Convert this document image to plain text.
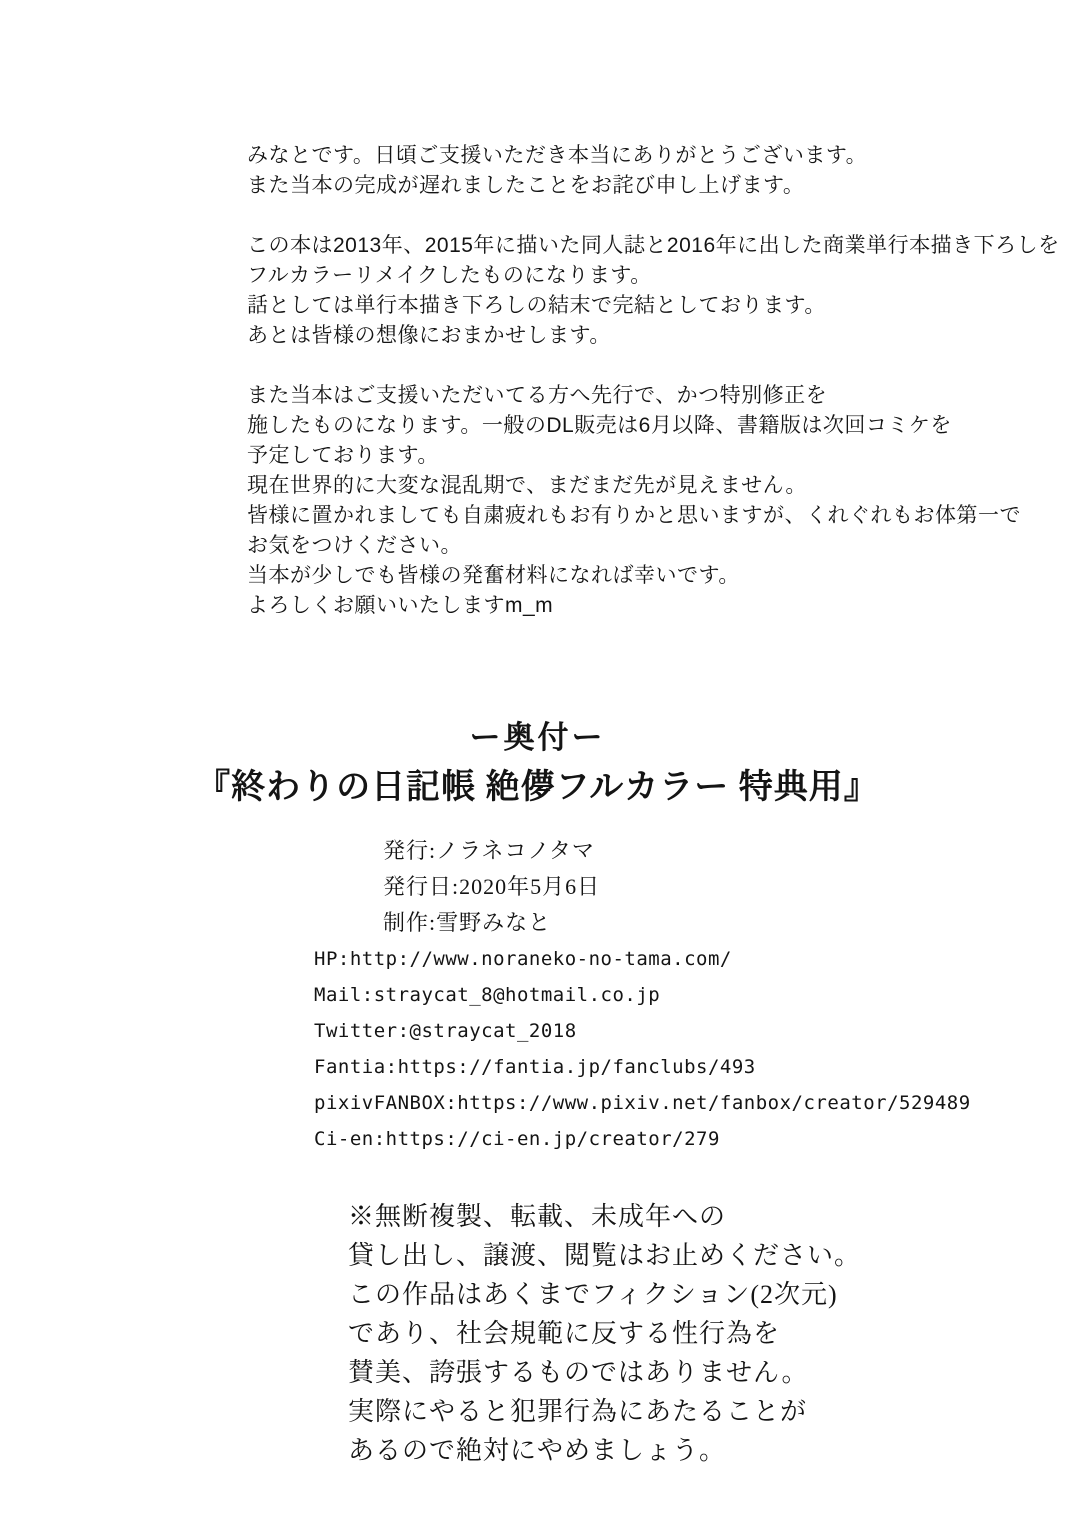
みなとです。日頃ご支援いただき本当にありがとうございます。
また当本の完成が遅れましたことをお詫び申し上げます。
この本は2013年、2015年に描いた同人誌と2016年に出した商業単行本描き下ろしを
フルカラーリメイクしたものになります。
話としては単行本描き下ろしの結末で完結としております。
あとは皆様の想像におまかせします。
また当本はご支援いただいてる方へ先行で、かつ特別修正を
施したものになります。一般のDL販売は6月以降、書籍版は次回コミケを
予定しております。
現在世界的に大変な混乱期で、まだまだ先が見えません。
皆様に置かれましても自粛疲れもお有りかと思いますが、くれぐれもお体第一で
お気をつけください。
当本が少しでも皆様の発奮材料になれば幸いです。
よろしくお願いいたしますm_m
ー奥付ー
『終わりの日記帳 絶儚フルカラー 特典用』
発行:ノラネコノタマ
発行日:2020年5月6日
制作:雪野みなと
HP:http://www.noraneko-no-tama.com/
Mail:straycat_8@hotmail.co.jp
Twitter:@straycat_2018
Fantia:https://fantia.jp/fanclubs/493
pixivFANBOX:https://www.pixiv.net/fanbox/creator/529489
Ci-en:https://ci-en.jp/creator/279
※無断複製、転載、未成年への
貸し出し、譲渡、閲覧はお止めください。
この作品はあくまでフィクション(2次元)
であり、社会規範に反する性行為を
賛美、誇張するものではありません。
実際にやると犯罪行為にあたることが
あるので絶対にやめましょう。
